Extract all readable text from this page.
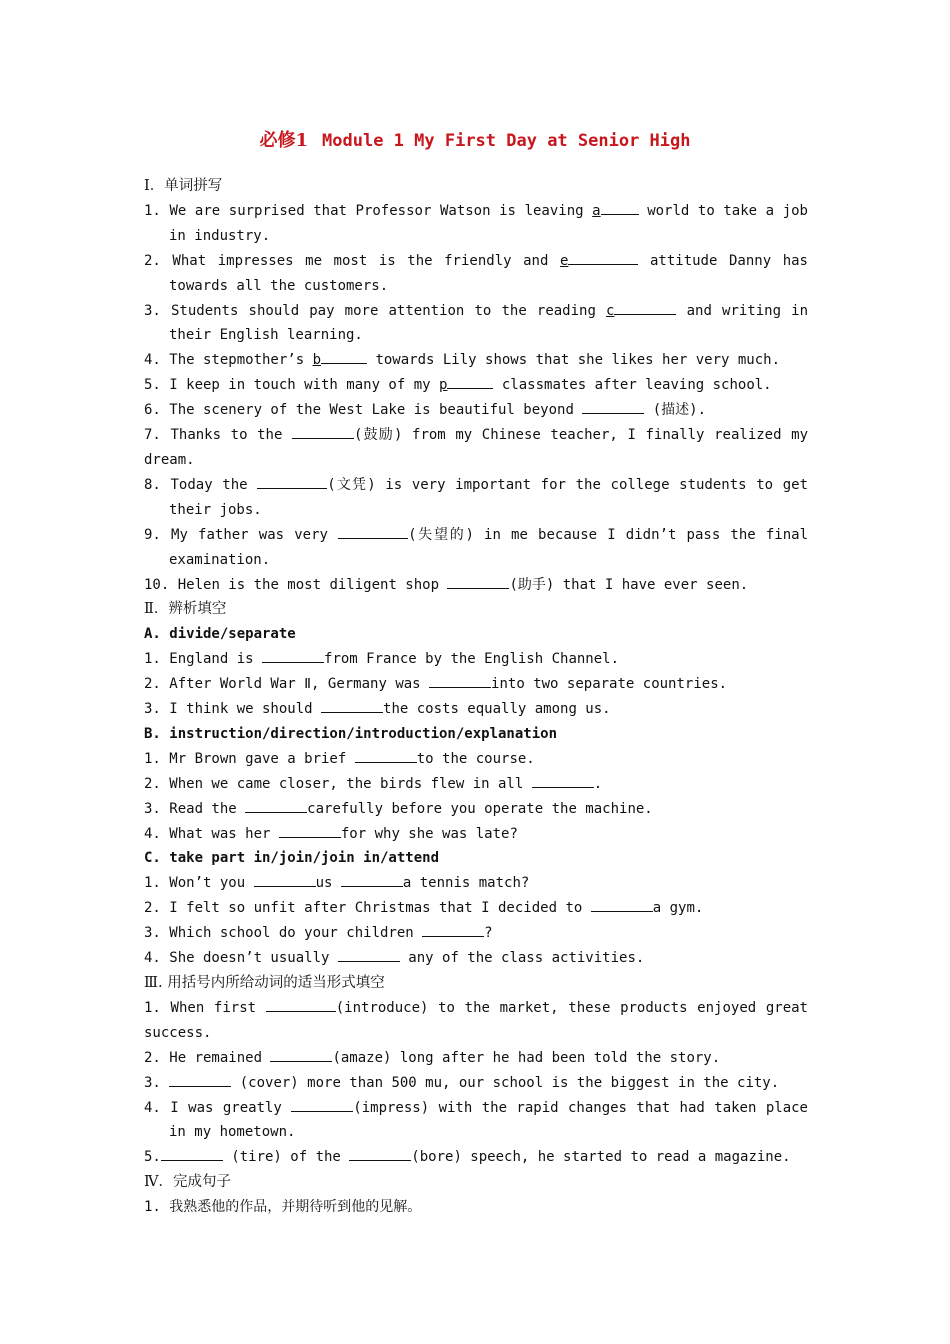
必修1 Module 1 My First Day at Senior High
Ⅰ．单词拼写
1. We are surprised that Professor Watson is leaving a	world to take a job in industry.
2. What impresses me most is the friendly and e	attitude Danny has towards all the customers.
3. Students should pay more attention to the reading c	and writing in their English learning.
4. The stepmother’s b	towards Lily shows that she likes her very much.
5. I keep in touch with many of my p	classmates after leaving school.
6. The scenery of the West Lake is beautiful beyond	(描述).
7. Thanks to the	(鼓励) from my Chinese teacher, I finally realized my dream.
8. Today the	(文凭) is very important for the college students to get their jobs.
9. My father was very	(失望的) in me because I didn’t pass the final examination.
10. Helen is the most diligent shop	(助手) that I have ever seen.
Ⅱ．辨析填空
A. divide/separate
1. England is	from France by the English Channel.
2. After World War Ⅱ, Germany was	into two separate countries.
3. I think we should	the costs equally among us.
B. instruction/direction/introduction/explanation
1. Mr Brown gave a brief	to the course.
2. When we came closer, the birds flew in all	.
3. Read the	carefully before you operate the machine.
4. What was her	for why she was late?
C. take part in/join/join in/attend
1. Won’t you	us	a tennis match?
2. I felt so unfit after Christmas that I decided to	a gym.
3. Which school do your children	?
4. She doesn’t usually	any of the class activities.
Ⅲ. 用括号内所给动词的适当形式填空
1. When first	(introduce) to the market, these products enjoyed great success.
2. He remained	(amaze) long after he had been told the story.
3.	(cover) more than 500 mu, our school is the biggest in the city.
4. I was greatly	(impress) with the rapid changes that had taken place in my hometown.
5.	(tire) of the	(bore) speech, he started to read a magazine.
Ⅳ．完成句子
1. 我熟悉他的作品，并期待听到他的见解。
